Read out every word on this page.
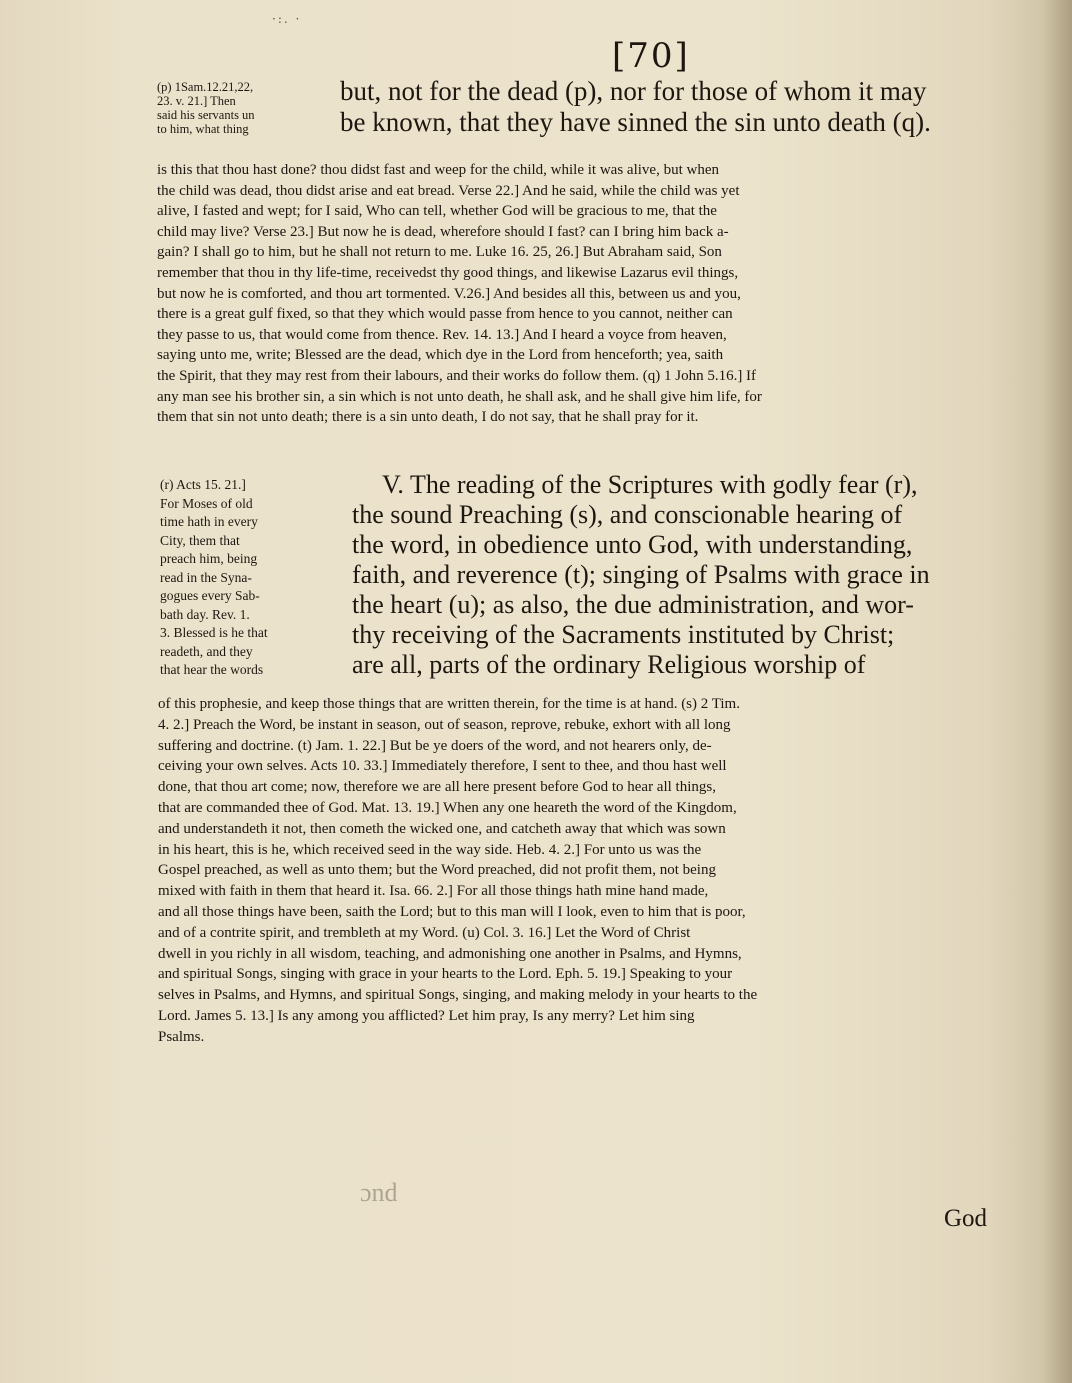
·:. ·
[70]
(p) 1Sam.12.21,22,
23. v. 21.] Then
said his servants un
to him, what thing
but, not for the dead (p), nor for those of whom it may
be known, that they have sinned the sin unto death (q).
is this that thou hast done? thou didst fast and weep for the child, while it was alive, but when
the child was dead, thou didst arise and eat bread. Verse 22.] And he said, while the child was yet
alive, I fasted and wept; for I said, Who can tell, whether God will be gracious to me, that the
child may live? Verse 23.] But now he is dead, wherefore should I fast? can I bring him back a-
gain? I shall go to him, but he shall not return to me. Luke 16. 25, 26.] But Abraham said, Son
remember that thou in thy life-time, receivedst thy good things, and likewise Lazarus evil things,
but now he is comforted, and thou art tormented. V.26.] And besides all this, between us and you,
there is a great gulf fixed, so that they which would passe from hence to you cannot, neither can
they passe to us, that would come from thence. Rev. 14. 13.] And I heard a voyce from heaven,
saying unto me, write; Blessed are the dead, which dye in the Lord from henceforth; yea, saith
the Spirit, that they may rest from their labours, and their works do follow them. (q) 1 John 5.16.] If
any man see his brother sin, a sin which is not unto death, he shall ask, and he shall give him life, for
them that sin not unto death; there is a sin unto death, I do not say, that he shall pray for it.
(r) Acts 15. 21.]
For Moses of old
time hath in every
City, them that
preach him, being
read in the Syna-
gogues every Sab-
bath day. Rev. 1.
3. Blessed is he that
readeth, and they
that hear the words
V. The reading of the Scriptures with godly fear (r),
the sound Preaching (s), and conscionable hearing of
the word, in obedience unto God, with understanding,
faith, and reverence (t); singing of Psalms with grace in
the heart (u); as also, the due administration, and wor-
thy receiving of the Sacraments instituted by Christ;
are all, parts of the ordinary Religious worship of
of this prophesie, and keep those things that are written therein, for the time is at hand. (s) 2 Tim.
4. 2.] Preach the Word, be instant in season, out of season, reprove, rebuke, exhort with all long
suffering and doctrine. (t) Jam. 1. 22.] But be ye doers of the word, and not hearers only, de-
ceiving your own selves. Acts 10. 33.] Immediately therefore, I sent to thee, and thou hast well
done, that thou art come; now, therefore we are all here present before God to hear all things,
that are commanded thee of God. Mat. 13. 19.] When any one heareth the word of the Kingdom,
and understandeth it not, then cometh the wicked one, and catcheth away that which was sown
in his heart, this is he, which received seed in the way side. Heb. 4. 2.] For unto us was the
Gospel preached, as well as unto them; but the Word preached, did not profit them, not being
mixed with faith in them that heard it. Isa. 66. 2.] For all those things hath mine hand made,
and all those things have been, saith the Lord; but to this man will I look, even to him that is poor,
and of a contrite spirit, and trembleth at my Word. (u) Col. 3. 16.] Let the Word of Christ
dwell in you richly in all wisdom, teaching, and admonishing one another in Psalms, and Hymns,
and spiritual Songs, singing with grace in your hearts to the Lord. Eph. 5. 19.] Speaking to your
selves in Psalms, and Hymns, and spiritual Songs, singing, and making melody in your hearts to the
Lord. James 5. 13.] Is any among you afflicted? Let him pray, Is any merry? Let him sing
Psalms.
ɔnd
God
